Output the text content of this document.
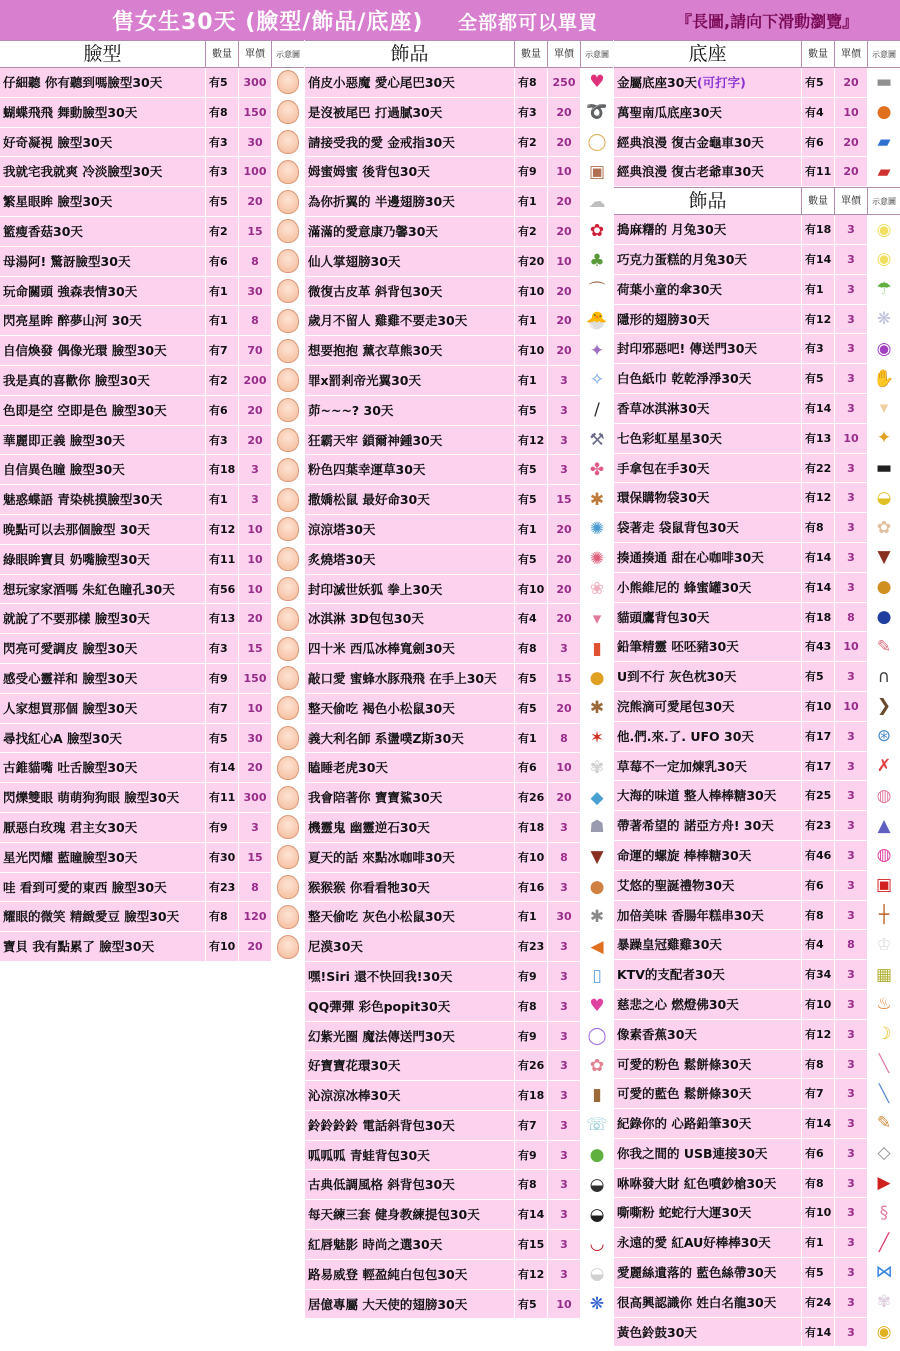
售女生30天 (臉型/飾品/底座) 全部都可以單買	『長圖,請向下滑動瀏覽』
臉型	數量	單價	示意圖
仔細聽 你有聽到嗎臉型30天	有5	300
蝴蝶飛飛 舞動臉型30天	有8	150
好奇凝視 臉型30天	有3	30
我就宅我就爽 冷淡臉型30天	有3	100
繁星眼眸 臉型30天	有5	20
籃瘦香菇30天	有2	15
母湯阿! 驚訝臉型30天	有6	8
玩命關頭 強森表情30天	有1	30
閃亮星眸 醉夢山河 30天	有1	8
自信煥發 偶像光環 臉型30天	有7	70
我是真的喜歡你 臉型30天	有2	200
色即是空 空即是色 臉型30天	有6	20
華麗即正義 臉型30天	有3	20
自信異色瞳 臉型30天	有18	3
魅惑蝶語 青染桃摸臉型30天	有1	3
晚點可以去那個臉型 30天	有12	10
綠眼眸寶貝 奶嘴臉型30天	有11	10
想玩家家酒嗎 朱紅色瞳孔30天	有56	10
就說了不要那樣 臉型30天	有13	20
閃亮可愛調皮 臉型30天	有3	15
感受心靈祥和 臉型30天	有9	150
人家想買那個 臉型30天	有7	10
尋找紅心A 臉型30天	有5	30
古錐貓嘴 吐舌臉型30天	有14	20
閃爍雙眼 萌萌狗狗眼 臉型30天	有11 300
厭惡白玫瑰 君主女30天	有9	3
星光閃耀 藍瞳臉型30天	有30	15
哇 看到可愛的東西 臉型30天	有23	8
耀眼的微笑 精緻愛豆 臉型30天	有8	120
寶貝 我有點累了 臉型30天	有10	20
飾品	數量	單價	示意圖
俏皮小惡魔 愛心尾巴30天	有8	250 ♥
是沒被尾巴 打過膩30天	有3	20 ➰
請接受我的愛 金戒指30天	有2	20 ◯
姆蜜姆蜜 後背包30天	有9	10	▣
為你折翼的 半邊翅膀30天	有1	20 ☁
滿滿的愛意康乃馨30天	有2	20	✿
仙人掌翅膀30天	有20	10	♣
微復古皮革 斜背包30天	有10	20 ⌒
歲月不留人 雞雞不要走30天	有1	20 🐣
想要抱抱 薰衣草熊30天	有10	20	✦
罪x罰剎帝光翼30天	有1	3	✧
茆~~~? 30天	有5	3	/
狂霸天牢 鎖爾神鍾30天	有12	3	⚒
粉色四葉幸運草30天	有5	3	✤
撒嬌松鼠 最好命30天	有5	15	✱
涼涼塔30天	有1	20	✺
炙燒塔30天	有5	20	✺
封印滅世妖狐 拳上30天	有10	20	❀
冰淇淋 3D包包30天	有4	20	▾
四十米 西瓜冰棒寬劍30天	有8	3	▮
敲口愛 蜜蜂水豚飛飛 在手上30天	有5	15	●
整天偷吃 褐色小松鼠30天	有5	20	✱
義大利名師 系盪噗Z斯30天	有1	8	✶
瞌睡老虎30天	有6	10	✾
我會陪著你 寶寶鯊30天	有26	20	◆
機靈鬼 幽靈逆石30天	有18	3	☗
夏天的話 來點冰咖啡30天	有10	8	▼
猴猴猴 你看看牠30天	有16	3	●
整天偷吃 灰色小松鼠30天	有1	30	✱
尼漠30天	有23	3	◀
嘿!Siri 還不快回我!30天	有9	3	▯
QQ彈彈 彩色popit30天	有8	3	♥
幻紫光圈 魔法傳送門30天	有9	3	◯
好寶寶花環30天	有26	3	✿
沁涼涼冰棒30天	有18	3	▮
鈴鈴鈴鈴 電話斜背包30天	有7	3	☏
呱呱呱 青蛙背包30天	有9	3	●
古典低調風格 斜背包30天	有8	3	◒
每天練三套 健身教練提包30天	有14	3	◒
紅唇魅影 時尚之選30天	有15	3	◡
路易威登 輕盈純白包包30天	有12	3	◒
居億專屬 大天使的翅膀30天	有5	10	❋
底座	數量	單價	示意圖
金屬底座30天(可打字)	有5	20	▬
萬聖南瓜底座30天	有4	10	●
經典浪漫 復古金龜車30天	有6	20	▰
經典浪漫 復古老爺車30天	有11	20	▰
飾品	數量	單價	示意圖
搗麻糬的 月兔30天	有18	3	◉
巧克力蛋糕的月兔30天	有14	3	◉
荷葉小童的傘30天	有1	3	☂
隱形的翅膀30天	有12	3	❋
封印邪惡吧! 傳送門30天	有3	3	◉
白色紙巾 乾乾淨淨30天	有5	3	✋
香草冰淇淋30天	有14	3	▾
七色彩虹星星30天	有13	10	✦
手拿包在手30天	有22	3	▬
環保購物袋30天	有12	3	◒
袋著走 袋鼠背包30天	有8	3	✿
揍通揍通 甜在心咖啡30天	有14	3	▼
小熊維尼的 蜂蜜罐30天	有14	3	●
貓頭鷹背包30天	有18	8	●
鉛筆精靈 呸呸豬30天	有43	10	✎
U到不行 灰色枕30天	有5	3	∩
浣熊滴可愛尾包30天	有10	10	❯
他.們.來.了. UFO 30天	有17	3	⊛
草莓不一定加煉乳30天	有17	3	✗
大海的味道 整人棒棒糖30天	有25	3	◍
帶著希望的 諾亞方舟! 30天	有23	3	▲
命運的螺旋 棒棒糖30天	有46	3	◍
艾悠的聖誕禮物30天	有6	3	▣
加倍美味 香腸年糕串30天	有8	3	┼
暴躁皇冠雞雞30天	有4	8	♔
KTV的支配者30天	有34	3	▦
慈悲之心 燃燈佛30天	有10	3	♨
像素香蕉30天	有12	3	☽
可愛的粉色 鬆餅條30天	有8	3	╲
可愛的藍色 鬆餅條30天	有7	3	╲
紀錄你的 心路鉛筆30天	有14	3	✎
你我之間的 USB連接30天	有6	3	◇
咻咻發大財 紅色噴鈔槍30天	有8	3	▶
嘶嘶粉 蛇蛇行大運30天	有10	3	§
永遠的愛 紅AU好棒棒30天	有1	3	╱
愛麗絲遺落的 藍色絲帶30天	有5	3	⋈
很高興認識你 姓白名龍30天	有24	3	✾
黃色鈴鼓30天	有14	3	◉
